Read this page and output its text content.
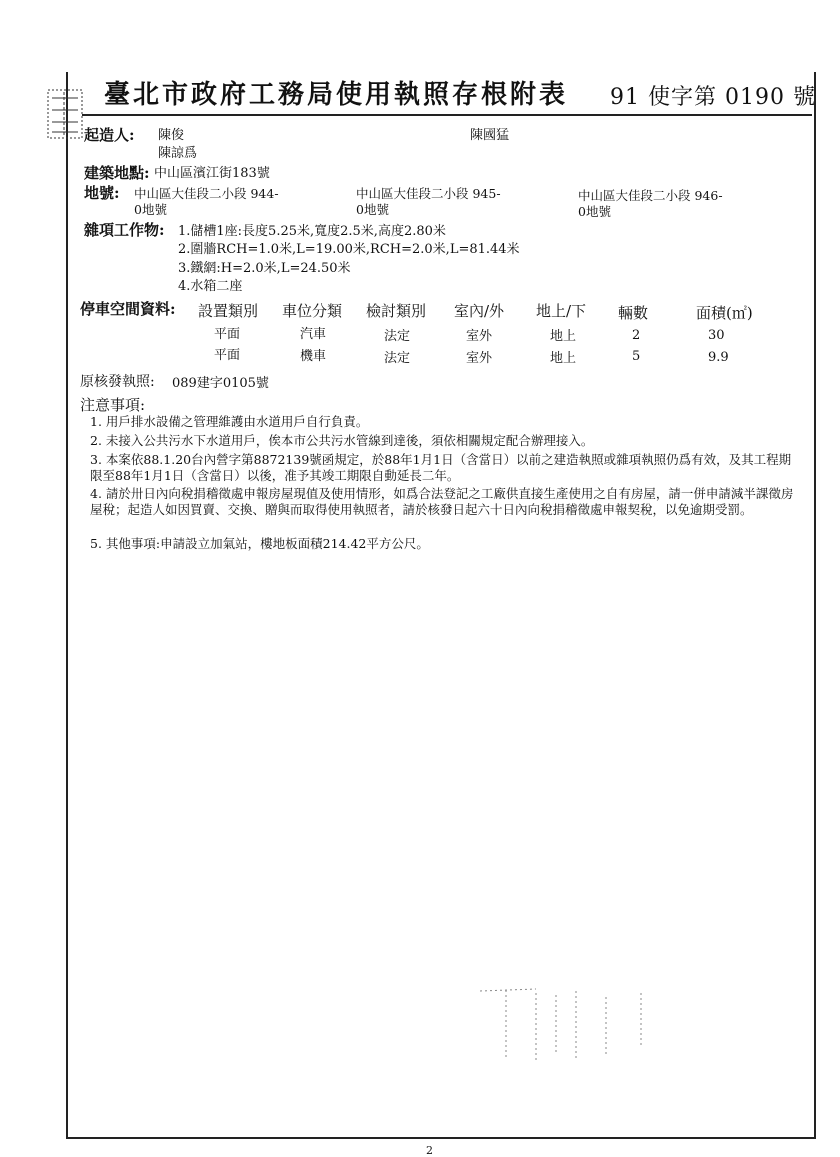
臺北市政府工務局使用執照存根附表 91 使字第 0190 號
起造人: 陳俊	陳國猛
陳諒爲
建築地點: 中山區濱江街183號
地號: 中山區大佳段二小段 944-
0地號
中山區大佳段二小段 945-
0地號
中山區大佳段二小段 946-
0地號
雜項工作物: 1.儲槽1座:長度5.25米,寬度2.5米,高度2.80米
2.圍牆RCH=1.0米,L=19.00米,RCH=2.0米,L=81.44米
3.鐵網:H=2.0米,L=24.50米
4.水箱二座
停車空間資料: 設置類別 車位分類 檢討類別 室內/外 地上/下 輛數	面積(㎡)
平面	汽車	法定	室外	地上	2	30
平面	機車	法定	室外	地上	5	9.9
原核發執照: 089建字0105號
注意事項:
1. 用戶排水設備之管理維護由水道用戶自行負責。
2. 未接入公共污水下水道用戶，俟本市公共污水管線到達後，須依相關規定配合辦理接入。
3. 本案依88.1.20台內營字第8872139號函規定，於88年1月1日（含當日）以前之建造執照或雜項執照仍爲有效，及其工程期限至88年1月1日（含當日）以後，准予其竣工期限自動延長二年。
4. 請於卅日內向稅捐稽徵處申報房屋現值及使用情形，如爲合法登記之工廠供直接生產使用之自有房屋，請一併申請減半課徵房屋稅；起造人如因買賣、交換、贈與而取得使用執照者，請於核發日起六十日內向稅捐稽徵處申報契稅，以免逾期受罰。
5. 其他事項:申請設立加氣站，樓地板面積214.42平方公尺。
2
